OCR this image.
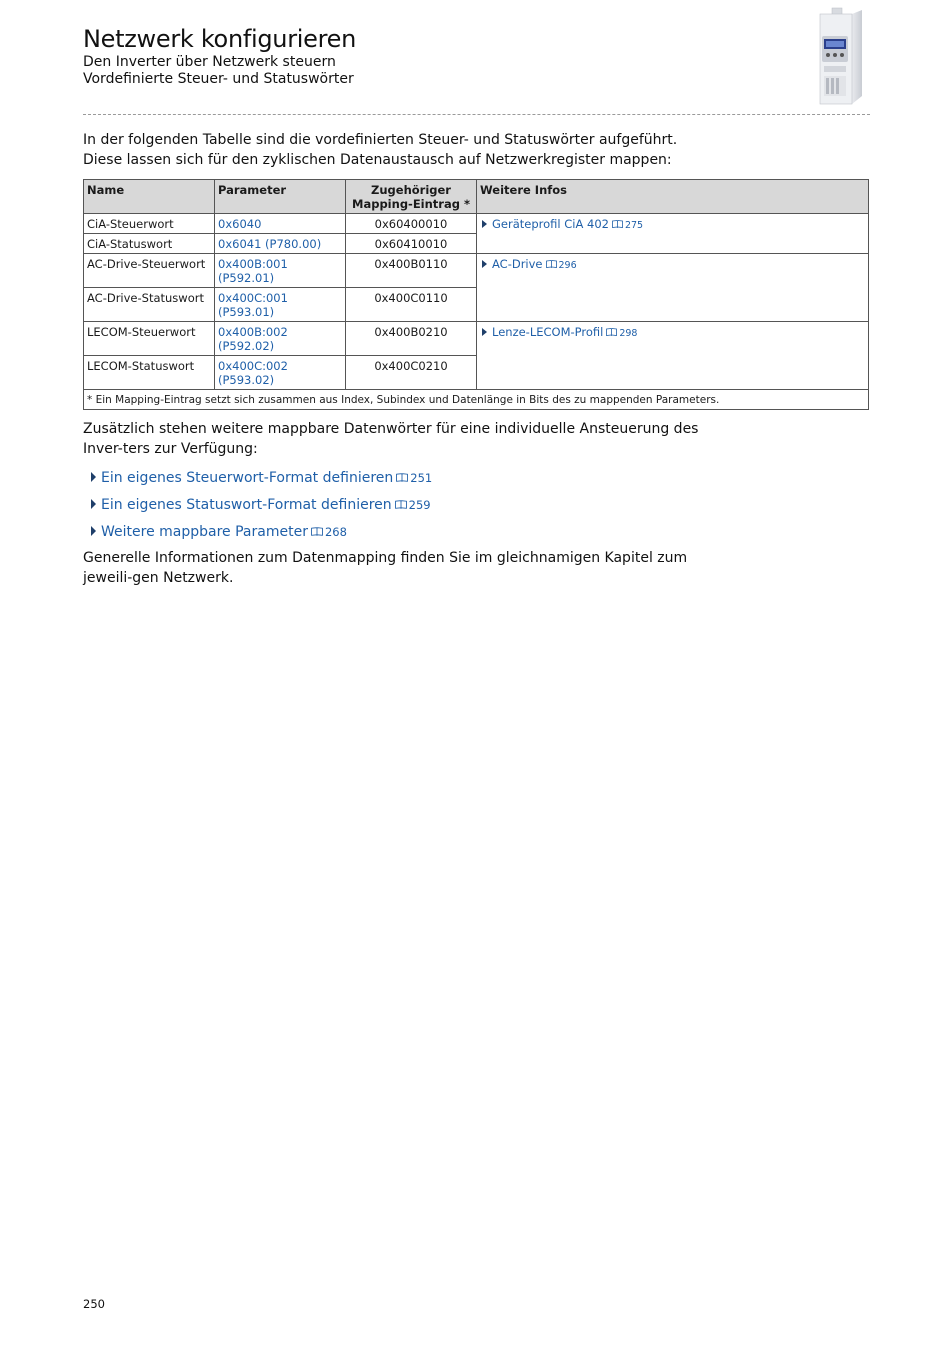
Netzwerk konfigurieren
Den Inverter über Netzwerk steuern
Vordefinierte Steuer- und Statuswörter

In der folgenden Tabelle sind die vordefinierten Steuer- und Statuswörter aufgeführt. Diese lassen sich für den zyklischen Datenaustausch auf Netzwerkregister mappen:

Name	Parameter	Zugehöriger Mapping-Eintrag *	Weitere Infos
CiA-Steuerwort	0x6040	0x60400010	Geräteprofil CiA 402 275
CiA-Statuswort	0x6041 (P780.00)	0x60410010	
AC-Drive-Steuerwort	0x400B:001 (P592.01)	0x400B0110	AC-Drive 296
AC-Drive-Statuswort	0x400C:001 (P593.01)	0x400C0110	
LECOM-Steuerwort	0x400B:002 (P592.02)	0x400B0210	Lenze-LECOM-Profil 298
LECOM-Statuswort	0x400C:002 (P593.02)	0x400C0210	
* Ein Mapping-Eintrag setzt sich zusammen aus Index, Subindex und Datenlänge in Bits des zu mappenden Parameters.			

Zusätzlich stehen weitere mappbare Datenwörter für eine individuelle Ansteuerung des Inver-ters zur Verfügung:

Ein eigenes Steuerwort-Format definieren 251
Ein eigenes Statuswort-Format definieren 259
Weitere mappbare Parameter 268

Generelle Informationen zum Datenmapping finden Sie im gleichnamigen Kapitel zum jeweili-gen Netzwerk.

250
